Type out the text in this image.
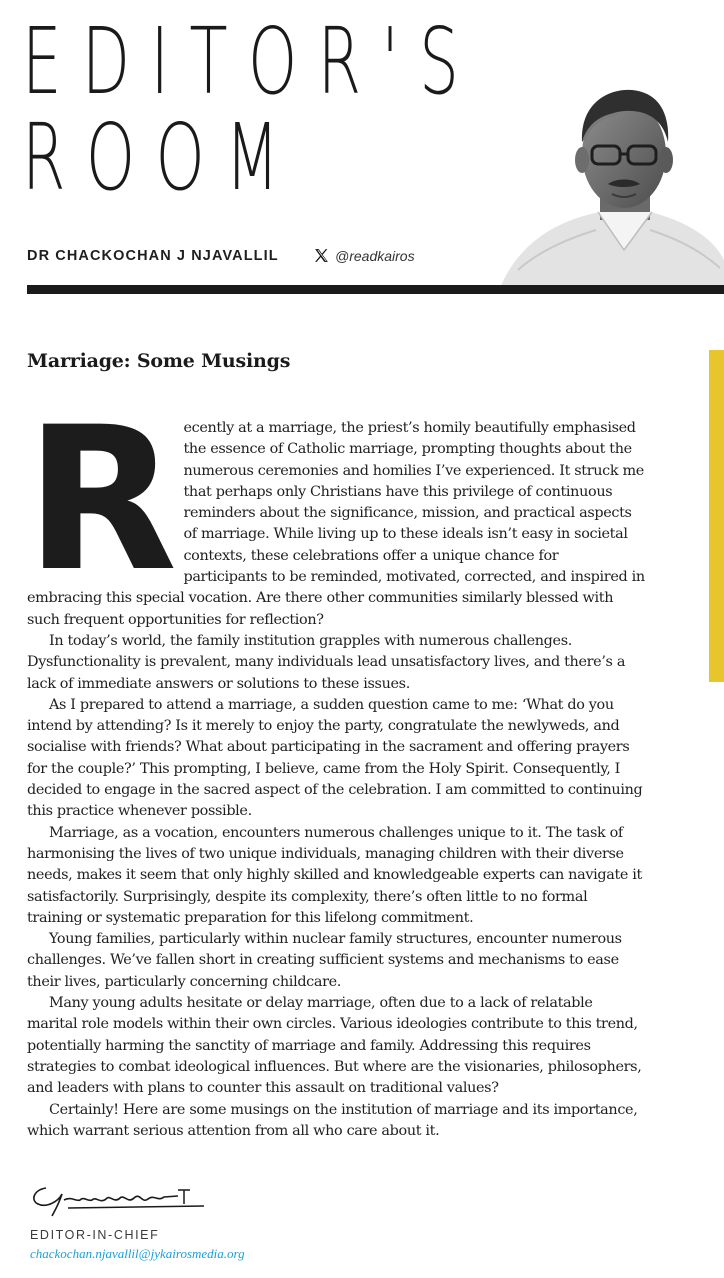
EDITOR'S
ROOM
DR CHACKOCHAN J NJAVALLIL	@readkairos
Marriage: Some Musings

Recently at a marriage, the priest’s homily beautifully emphasised the essence of Catholic marriage, prompting thoughts about the numerous ceremonies and homilies I’ve experienced. It struck me that perhaps only Christians have this privilege of continuous reminders about the significance, mission, and practical aspects of marriage. While living up to these ideals isn’t easy in societal contexts, these celebrations offer a unique chance for participants to be reminded, motivated, corrected, and inspired in embracing this special vocation. Are there other communities similarly blessed with such frequent opportunities for reflection?

In today’s world, the family institution grapples with numerous challenges. Dysfunctionality is prevalent, many individuals lead unsatisfactory lives, and there’s a lack of immediate answers or solutions to these issues.

As I prepared to attend a marriage, a sudden question came to me: ‘What do you intend by attending? Is it merely to enjoy the party, congratulate the newlyweds, and socialise with friends? What about participating in the sacrament and offering prayers for the couple?’ This prompting, I believe, came from the Holy Spirit. Consequently, I decided to engage in the sacred aspect of the celebration. I am committed to continuing this practice whenever possible.

Marriage, as a vocation, encounters numerous challenges unique to it. The task of harmonising the lives of two unique individuals, managing children with their diverse needs, makes it seem that only highly skilled and knowledgeable experts can navigate it satisfactorily. Surprisingly, despite its complexity, there’s often little to no formal training or systematic preparation for this lifelong commitment.

Young families, particularly within nuclear family structures, encounter numerous challenges. We’ve fallen short in creating sufficient systems and mechanisms to ease their lives, particularly concerning childcare.

Many young adults hesitate or delay marriage, often due to a lack of relatable marital role models within their own circles. Various ideologies contribute to this trend, potentially harming the sanctity of marriage and family. Addressing this requires strategies to combat ideological influences. But where are the visionaries, philosophers, and leaders with plans to counter this assault on traditional values?

Certainly! Here are some musings on the institution of marriage and its importance, which warrant serious attention from all who care about it.

EDITOR-IN-CHIEF
chackochan.njavallil@jykairosmedia.org
